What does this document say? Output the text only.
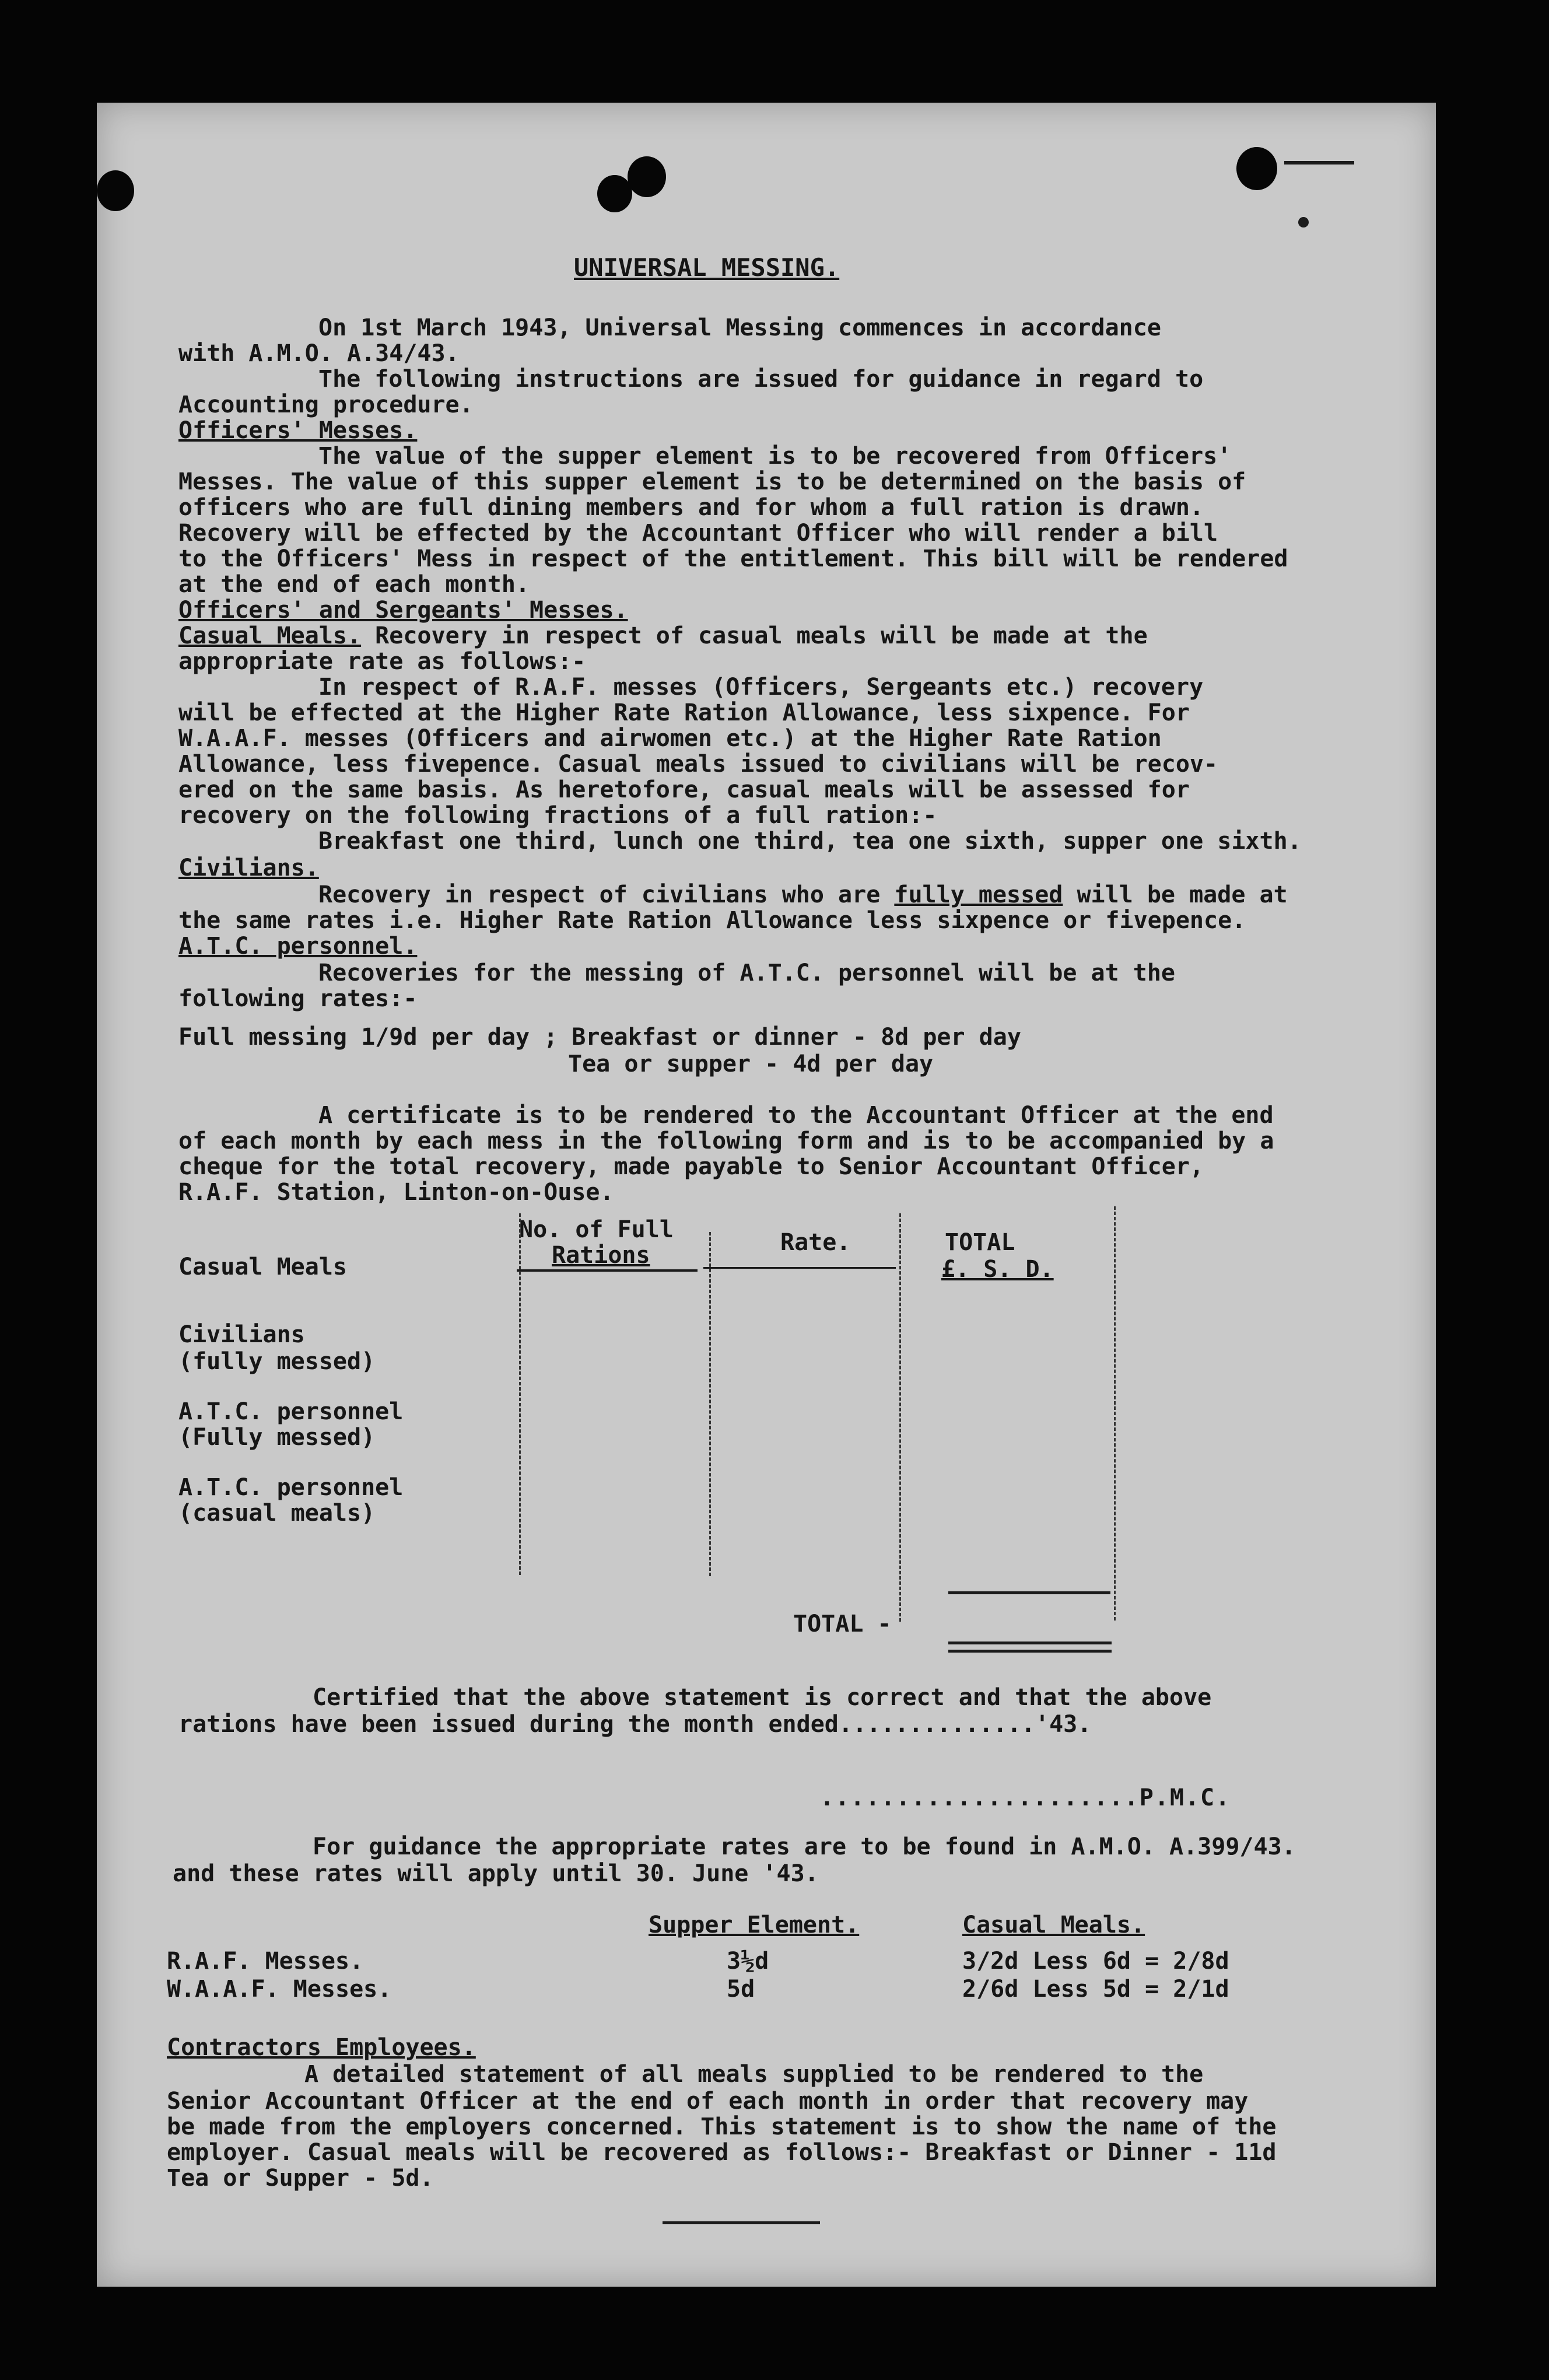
UNIVERSAL MESSING.
On 1st March 1943, Universal Messing commences in accordance
with A.M.O. A.34/43.
The following instructions are issued for guidance in regard to
Accounting procedure.
Officers' Messes.
The value of the supper element is to be recovered from Officers'
Messes. The value of this supper element is to be determined on the basis of
officers who are full dining members and for whom a full ration is drawn.
Recovery will be effected by the Accountant Officer who will render a bill
to the Officers' Mess in respect of the entitlement. This bill will be rendered
at the end of each month.
Officers' and Sergeants' Messes.
Casual Meals. Recovery in respect of casual meals will be made at the
appropriate rate as follows:-
In respect of R.A.F. messes (Officers, Sergeants etc.) recovery
will be effected at the Higher Rate Ration Allowance, less sixpence. For
W.A.A.F. messes (Officers and airwomen etc.) at the Higher Rate Ration
Allowance, less fivepence. Casual meals issued to civilians will be recov-
ered on the same basis. As heretofore, casual meals will be assessed for
recovery on the following fractions of a full ration:-
Breakfast one third, lunch one third, tea one sixth, supper one sixth.
Civilians.
Recovery in respect of civilians who are fully messed will be made at
the same rates i.e. Higher Rate Ration Allowance less sixpence or fivepence.
A.T.C. personnel.
Recoveries for the messing of A.T.C. personnel will be at the
following rates:-
Full messing 1/9d per day ; Breakfast or dinner - 8d per day
Tea or supper - 4d per day
A certificate is to be rendered to the Accountant Officer at the end
of each month by each mess in the following form and is to be accompanied by a
cheque for the total recovery, made payable to Senior Accountant Officer,
R.A.F. Station, Linton-on-Ouse.
Casual Meals
No. of Full
Rations	Rate.	TOTAL
£. S. D.
Civilians
(fully messed)
A.T.C. personnel
(Fully messed)
A.T.C. personnel
(casual meals)
TOTAL -
Certified that the above statement is correct and that the above
rations have been issued during the month ended..............'43.
.....................P.M.C.
For guidance the appropriate rates are to be found in A.M.O. A.399/43.
and these rates will apply until 30. June '43.
Supper Element.	Casual Meals.
R.A.F. Messes.	3½d	3/2d Less 6d = 2/8d
W.A.A.F. Messes.	5d	2/6d Less 5d = 2/1d
Contractors Employees.
A detailed statement of all meals supplied to be rendered to the
Senior Accountant Officer at the end of each month in order that recovery may
be made from the employers concerned. This statement is to show the name of the
employer. Casual meals will be recovered as follows:- Breakfast or Dinner - 11d
Tea or Supper - 5d.
